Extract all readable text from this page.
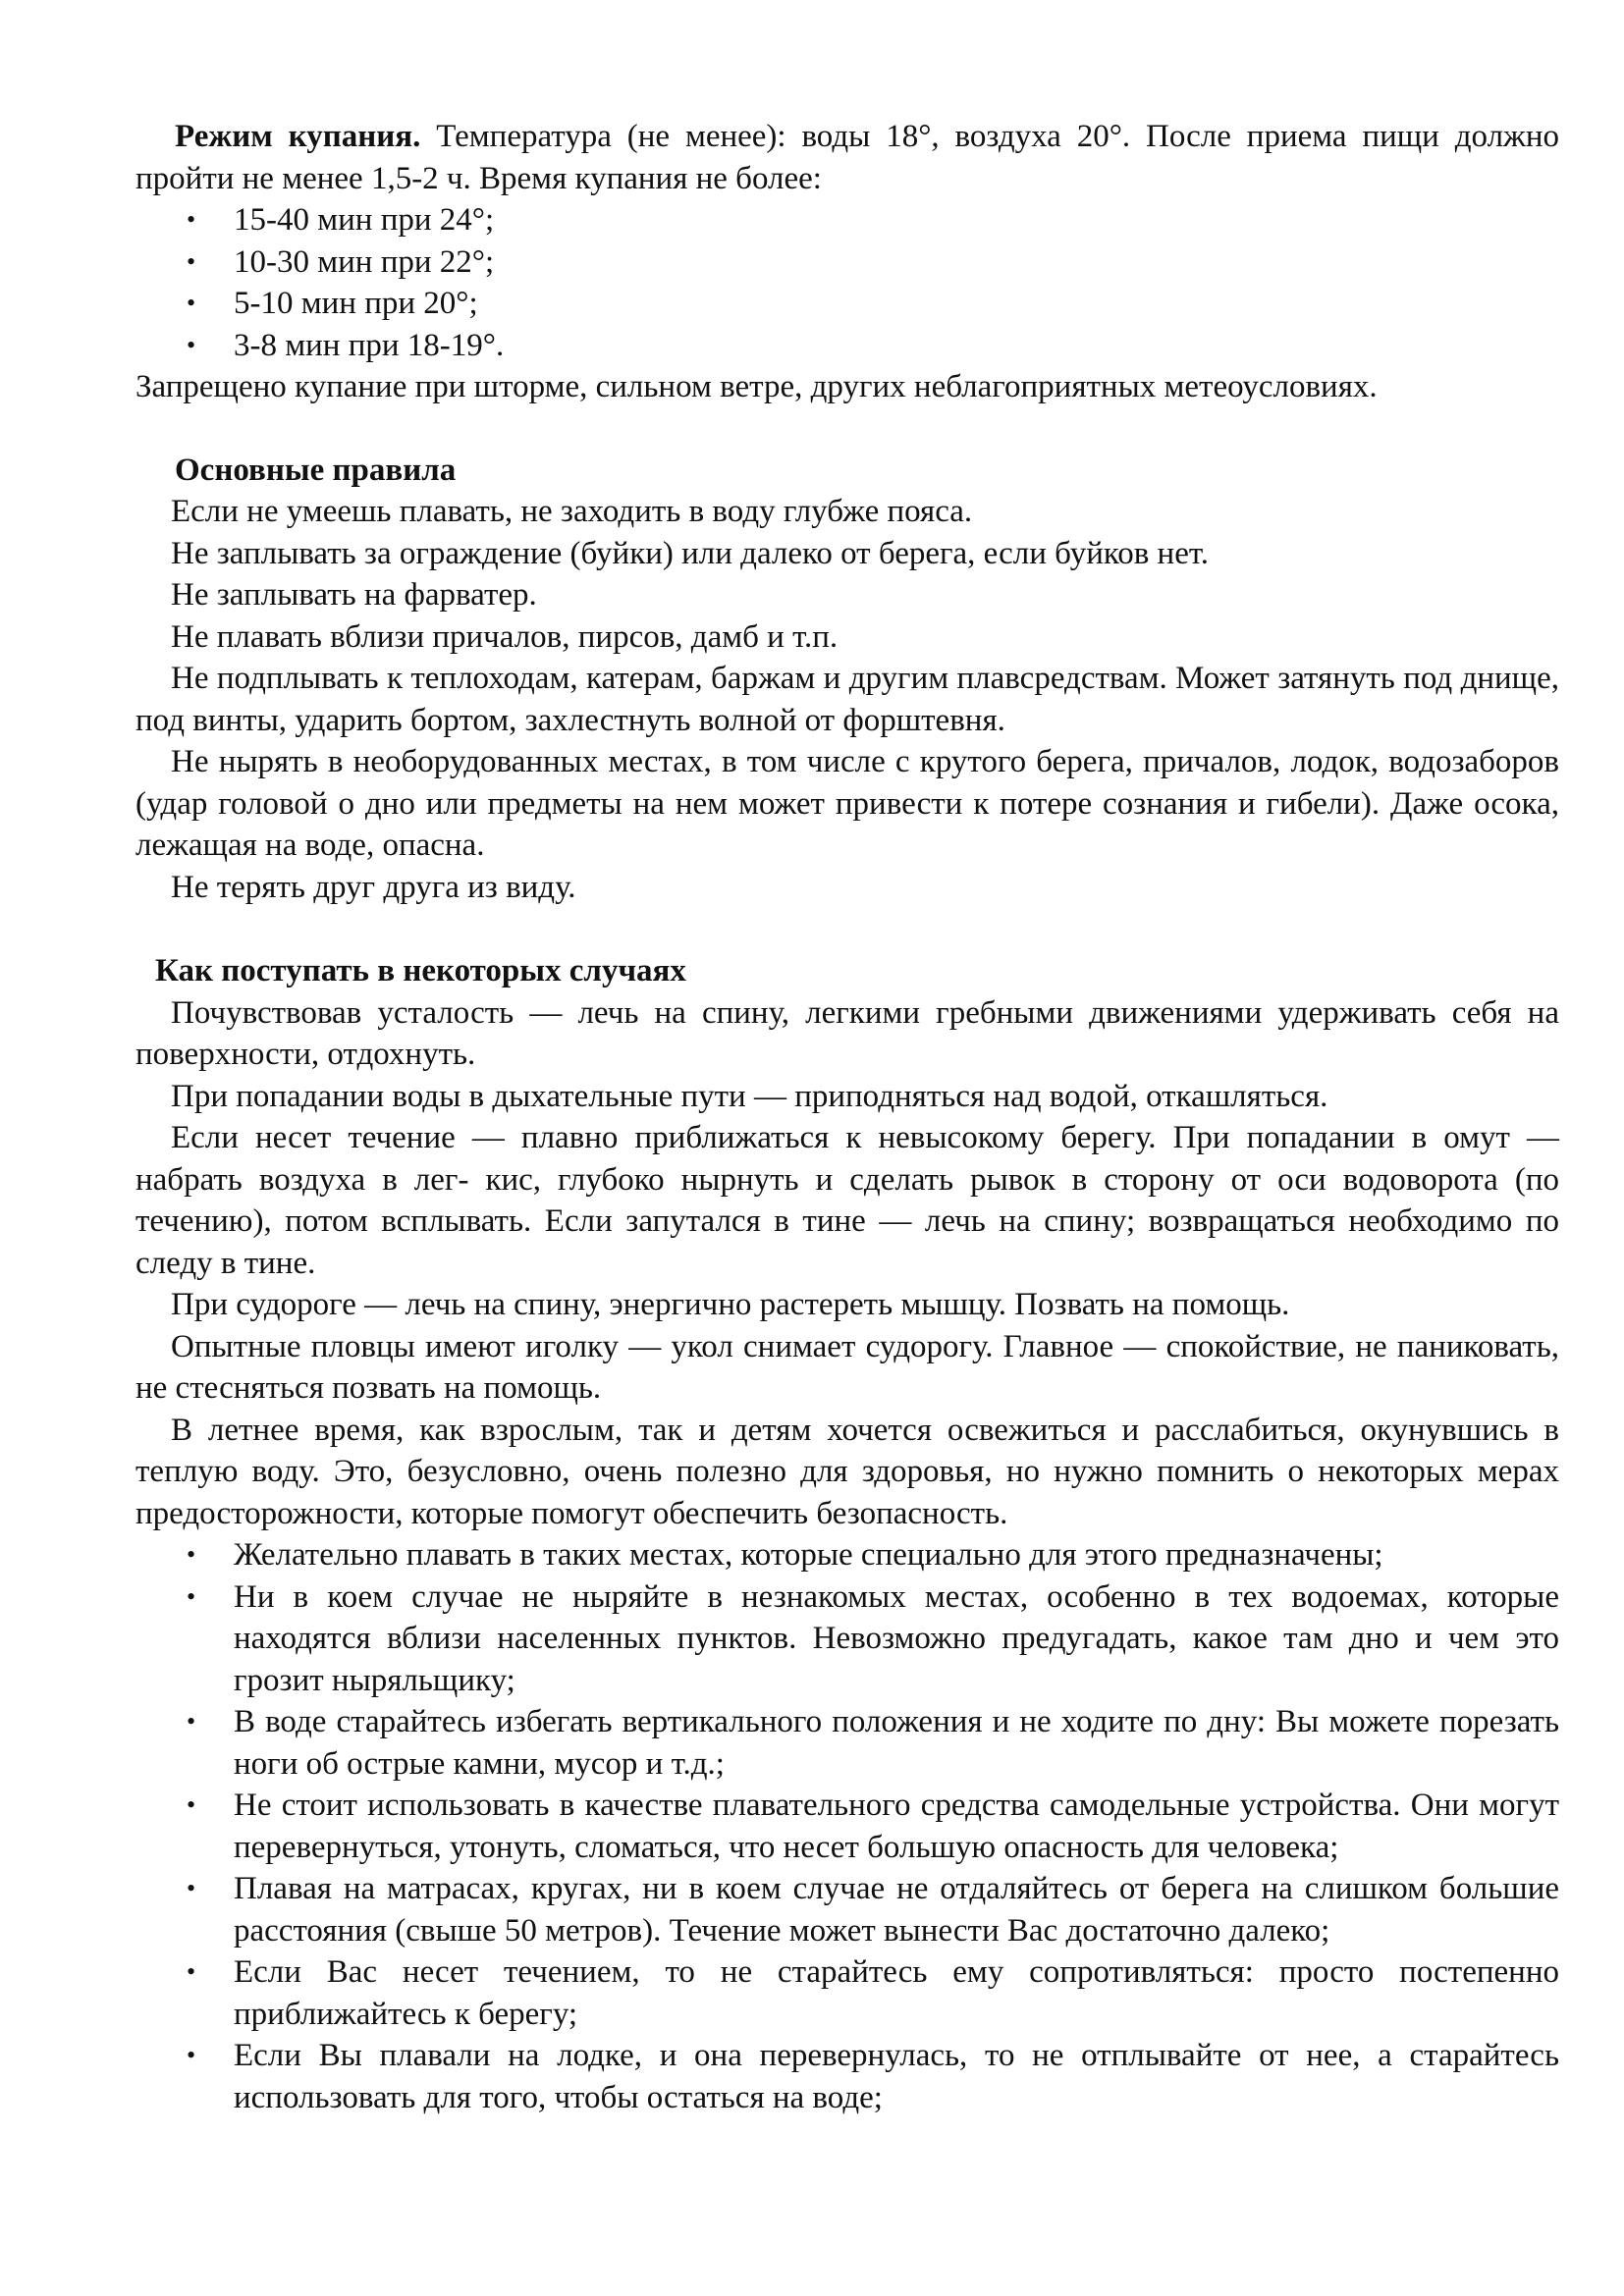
Режим купания. Температура (не менее): воды 18°, воздуха 20°. После приема пищи должно пройти не менее 1,5-2 ч. Время купания не более:

• 15-40 мин при 24°;
• 10-30 мин при 22°;
• 5-10 мин при 20°;
• 3-8 мин при 18-19°.

Запрещено купание при шторме, сильном ветре, других неблагоприятных метеоусловиях.

Основные правила

Если не умеешь плавать, не заходить в воду глубже пояса.

Не заплывать за ограждение (буйки) или далеко от берега, если буйков нет.

Не заплывать на фарватер.

Не плавать вблизи причалов, пирсов, дамб и т.п.

Не подплывать к теплоходам, катерам, баржам и другим плавсредствам. Может затянуть под днище, под винты, ударить бортом, захлестнуть волной от форштевня.

Не нырять в необорудованных местах, в том числе с крутого берега, причалов, лодок, водозаборов (удар головой о дно или предметы на нем может привести к потере сознания и гибели). Даже осока, лежащая на воде, опасна.

Не терять друг друга из виду.

Как поступать в некоторых случаях

Почувствовав усталость — лечь на спину, легкими гребными движениями удерживать себя на поверхности, отдохнуть.

При попадании воды в дыхательные пути — приподняться над водой, откашляться.

Если несет течение — плавно приближаться к невысокому берегу. При попадании в омут — набрать воздуха в лег- кис, глубоко нырнуть и сделать рывок в сторону от оси водоворота (по течению), потом всплывать. Если запутался в тине — лечь на спину; возвращаться необходимо по следу в тине.

При судороге — лечь на спину, энергично растереть мышцу. Позвать на помощь.

Опытные пловцы имеют иголку — укол снимает судорогу. Главное — спокойствие, не паниковать, не стесняться позвать на помощь.

В летнее время, как взрослым, так и детям хочется освежиться и расслабиться, окунувшись в теплую воду. Это, безусловно, очень полезно для здоровья, но нужно помнить о некоторых мерах предосторожности, которые помогут обеспечить безопасность.

• Желательно плавать в таких местах, которые специально для этого предназначены;
• Ни в коем случае не ныряйте в незнакомых местах, особенно в тех водоемах, которые находятся вблизи населенных пунктов. Невозможно предугадать, какое там дно и чем это грозит ныряльщику;
• В воде старайтесь избегать вертикального положения и не ходите по дну: Вы можете порезать ноги об острые камни, мусор и т.д.;
• Не стоит использовать в качестве плавательного средства самодельные устройства. Они могут перевернуться, утонуть, сломаться, что несет большую опасность для человека;
• Плавая на матрасах, кругах, ни в коем случае не отдаляйтесь от берега на слишком большие расстояния (свыше 50 метров). Течение может вынести Вас достаточно далеко;
• Если Вас несет течением, то не старайтесь ему сопротивляться: просто постепенно приближайтесь к берегу;
• Если Вы плавали на лодке, и она перевернулась, то не отплывайте от нее, а старайтесь использовать для того, чтобы остаться на воде;
